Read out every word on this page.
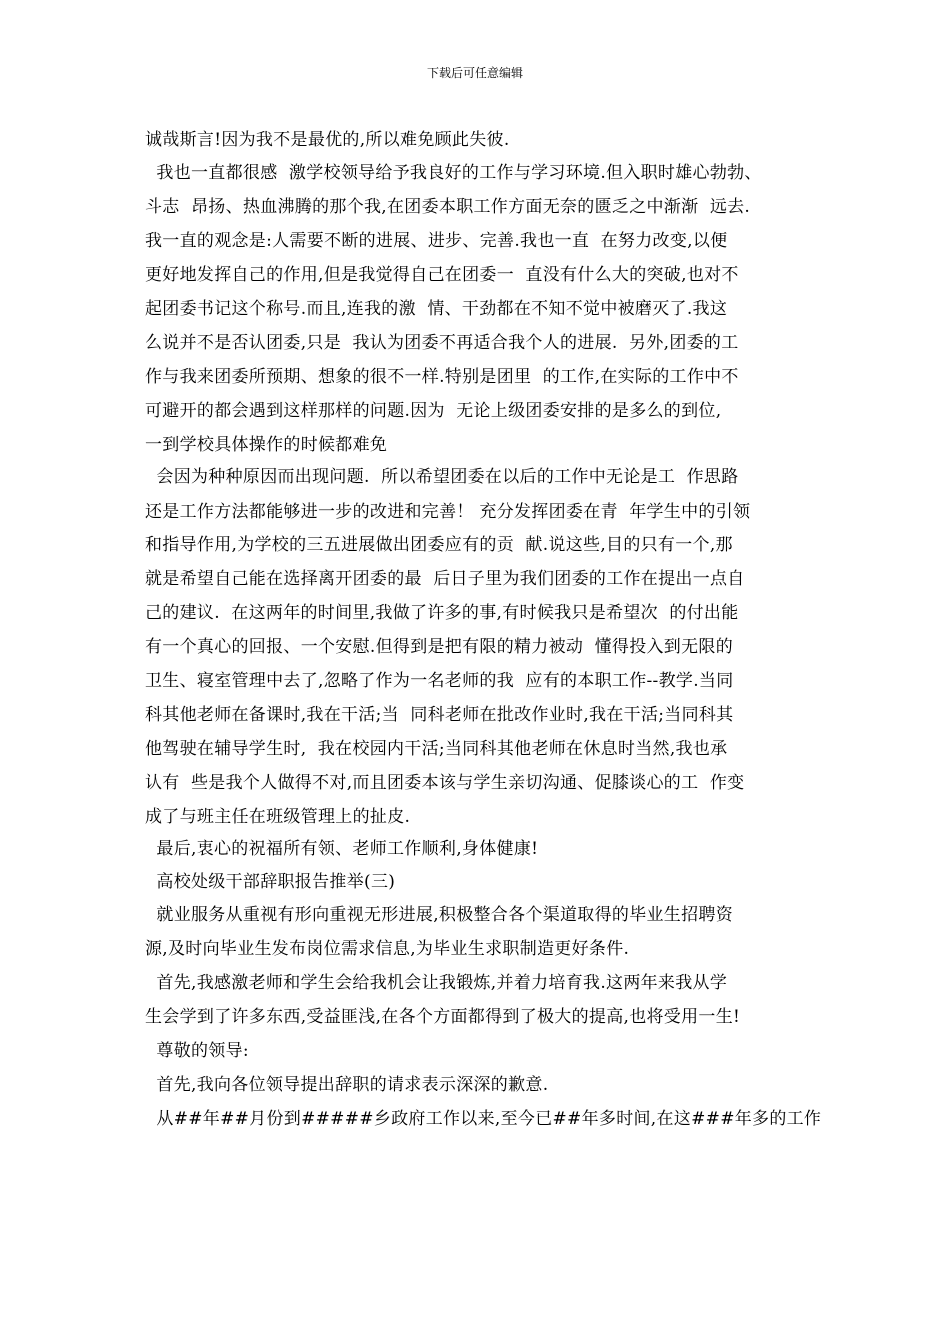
下载后可任意编辑
诚哉斯言!因为我不是最优的,所以难免顾此失彼.
我也一直都很感  激学校领导给予我良好的工作与学习环境.但入职时雄心勃勃、
斗志  昂扬、热血沸腾的那个我,在团委本职工作方面无奈的匮乏之中渐渐  远去.
我一直的观念是:人需要不断的进展、进步、完善.我也一直  在努力改变,以便
更好地发挥自己的作用,但是我觉得自己在团委一  直没有什么大的突破,也对不
起团委书记这个称号.而且,连我的激  情、干劲都在不知不觉中被磨灭了.我这
么说并不是否认团委,只是  我认为团委不再适合我个人的进展.  另外,团委的工
作与我来团委所预期、想象的很不一样.特别是团里  的工作,在实际的工作中不
可避开的都会遇到这样那样的问题.因为  无论上级团委安排的是多么的到位,
一到学校具体操作的时候都难免
会因为种种原因而出现问题.  所以希望团委在以后的工作中无论是工  作思路
还是工作方法都能够进一步的改进和完善！ 充分发挥团委在青  年学生中的引领
和指导作用,为学校的三五进展做出团委应有的贡  献.说这些,目的只有一个,那
就是希望自己能在选择离开团委的最  后日子里为我们团委的工作在提出一点自
己的建议.  在这两年的时间里,我做了许多的事,有时候我只是希望次  的付出能
有一个真心的回报、一个安慰.但得到是把有限的精力被动  懂得投入到无限的
卫生、寝室管理中去了,忽略了作为一名老师的我  应有的本职工作--教学.当同
科其他老师在备课时,我在干活;当  同科老师在批改作业时,我在干活;当同科其
他驾驶在辅导学生时,  我在校园内干活;当同科其他老师在休息时当然,我也承
认有  些是我个人做得不对,而且团委本该与学生亲切沟通、促膝谈心的工  作变
成了与班主任在班级管理上的扯皮.
最后,衷心的祝福所有领、老师工作顺利,身体健康!
高校处级干部辞职报告推举(三)
就业服务从重视有形向重视无形进展,积极整合各个渠道取得的毕业生招聘资
源,及时向毕业生发布岗位需求信息,为毕业生求职制造更好条件.
首先,我感激老师和学生会给我机会让我锻炼,并着力培育我.这两年来我从学
生会学到了许多东西,受益匪浅,在各个方面都得到了极大的提高,也将受用一生!
尊敬的领导:
首先,我向各位领导提出辞职的请求表示深深的歉意.
从##年##月份到#####乡政府工作以来,至今已##年多时间,在这###年多的工作
